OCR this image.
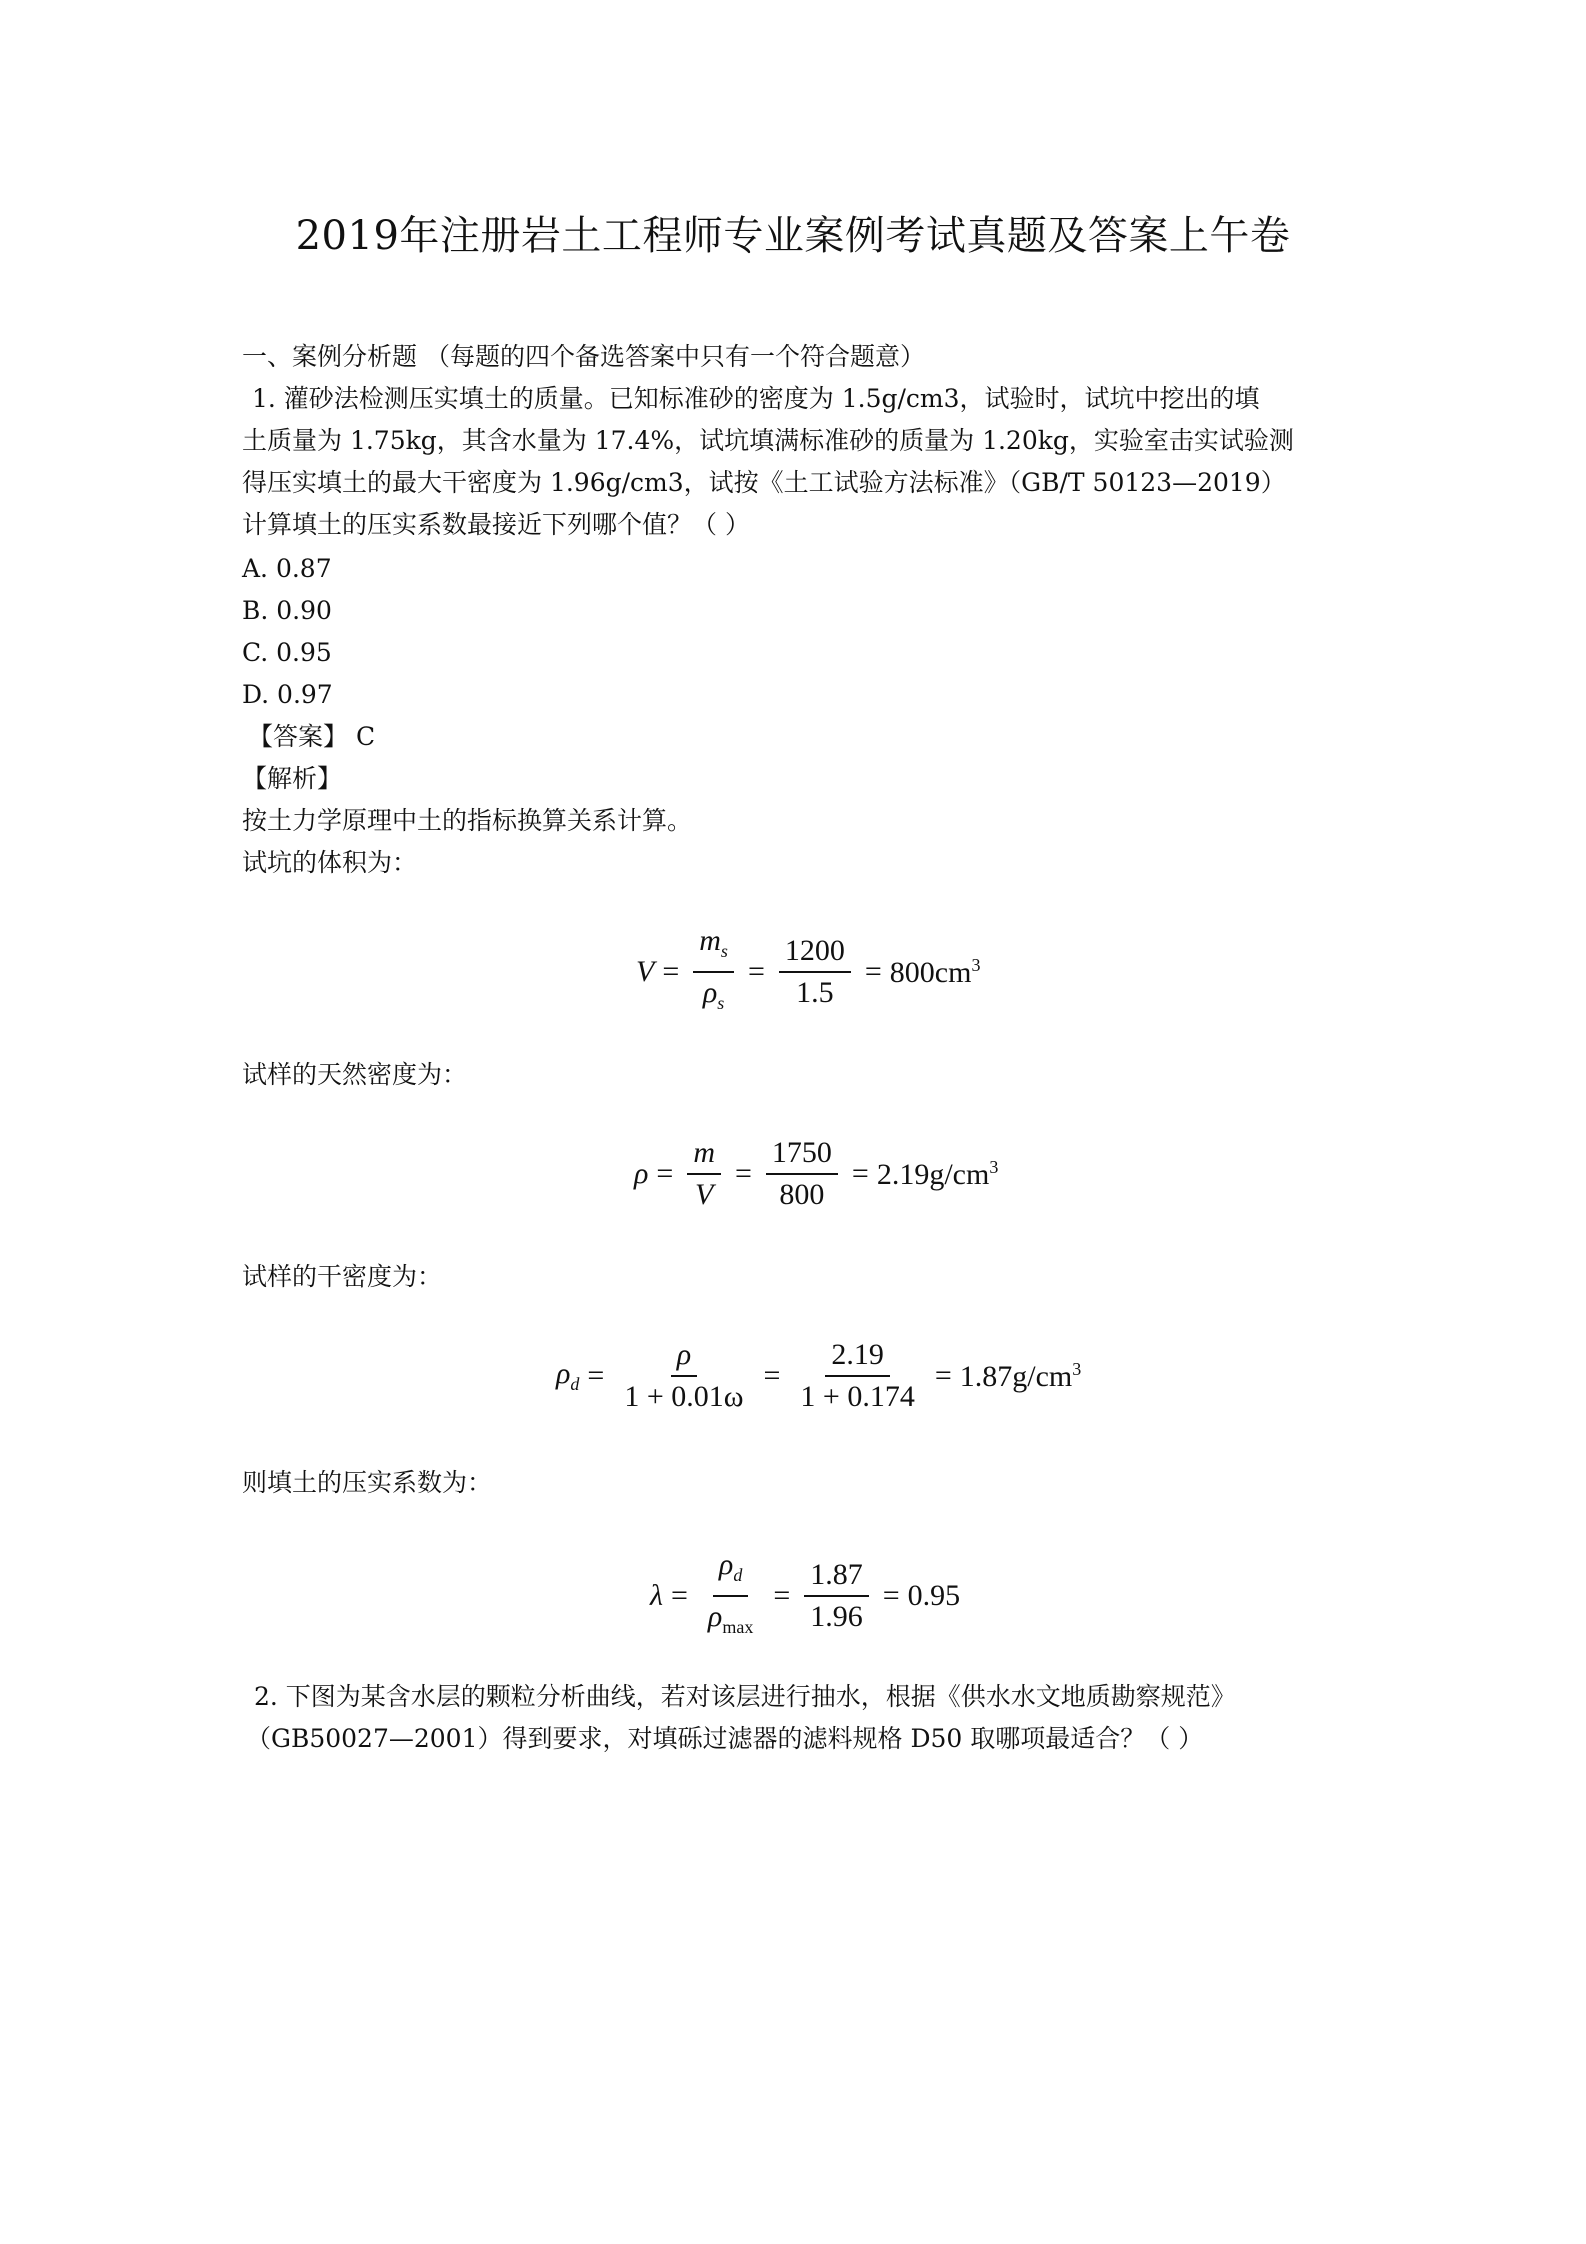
2019年注册岩土工程师专业案例考试真题及答案上午卷
一、案例分析题 （每题的四个备选答案中只有一个符合题意）
1. 灌砂法检测压实填土的质量。已知标准砂的密度为 1.5g/cm3，试验时，试坑中挖出的填
土质量为 1.75kg，其含水量为 17.4%，试坑填满标准砂的质量为 1.20kg，实验室击实试验测
得压实填土的最大干密度为 1.96g/cm3，试按《土工试验方法标准》（GB/T 50123—2019）
计算填土的压实系数最接近下列哪个值？（ ）
A. 0.87
B. 0.90
C. 0.95
D. 0.97
【答案】 C
【解析】
按土力学原理中土的指标换算关系计算。
试坑的体积为：
$V = \frac{m_s}{\rho_s} = \frac{1200}{1.5} = 800cm^3$
试样的天然密度为：
$\rho = \frac{m}{V} = \frac{1750}{800} = 2.19g/cm^3$
试样的干密度为：
$\rho_d = \frac{\rho}{1 + 0.01\omega} = \frac{2.19}{1 + 0.174} = 1.87g/cm^3$
则填土的压实系数为：
$\lambda = \frac{\rho_d}{\rho_{max}} = \frac{1.87}{1.96} = 0.95$
2. 下图为某含水层的颗粒分析曲线，若对该层进行抽水，根据《供水水文地质勘察规范》
（GB50027—2001）得到要求，对填砾过滤器的滤料规格 D50 取哪项最适合？（ ）
